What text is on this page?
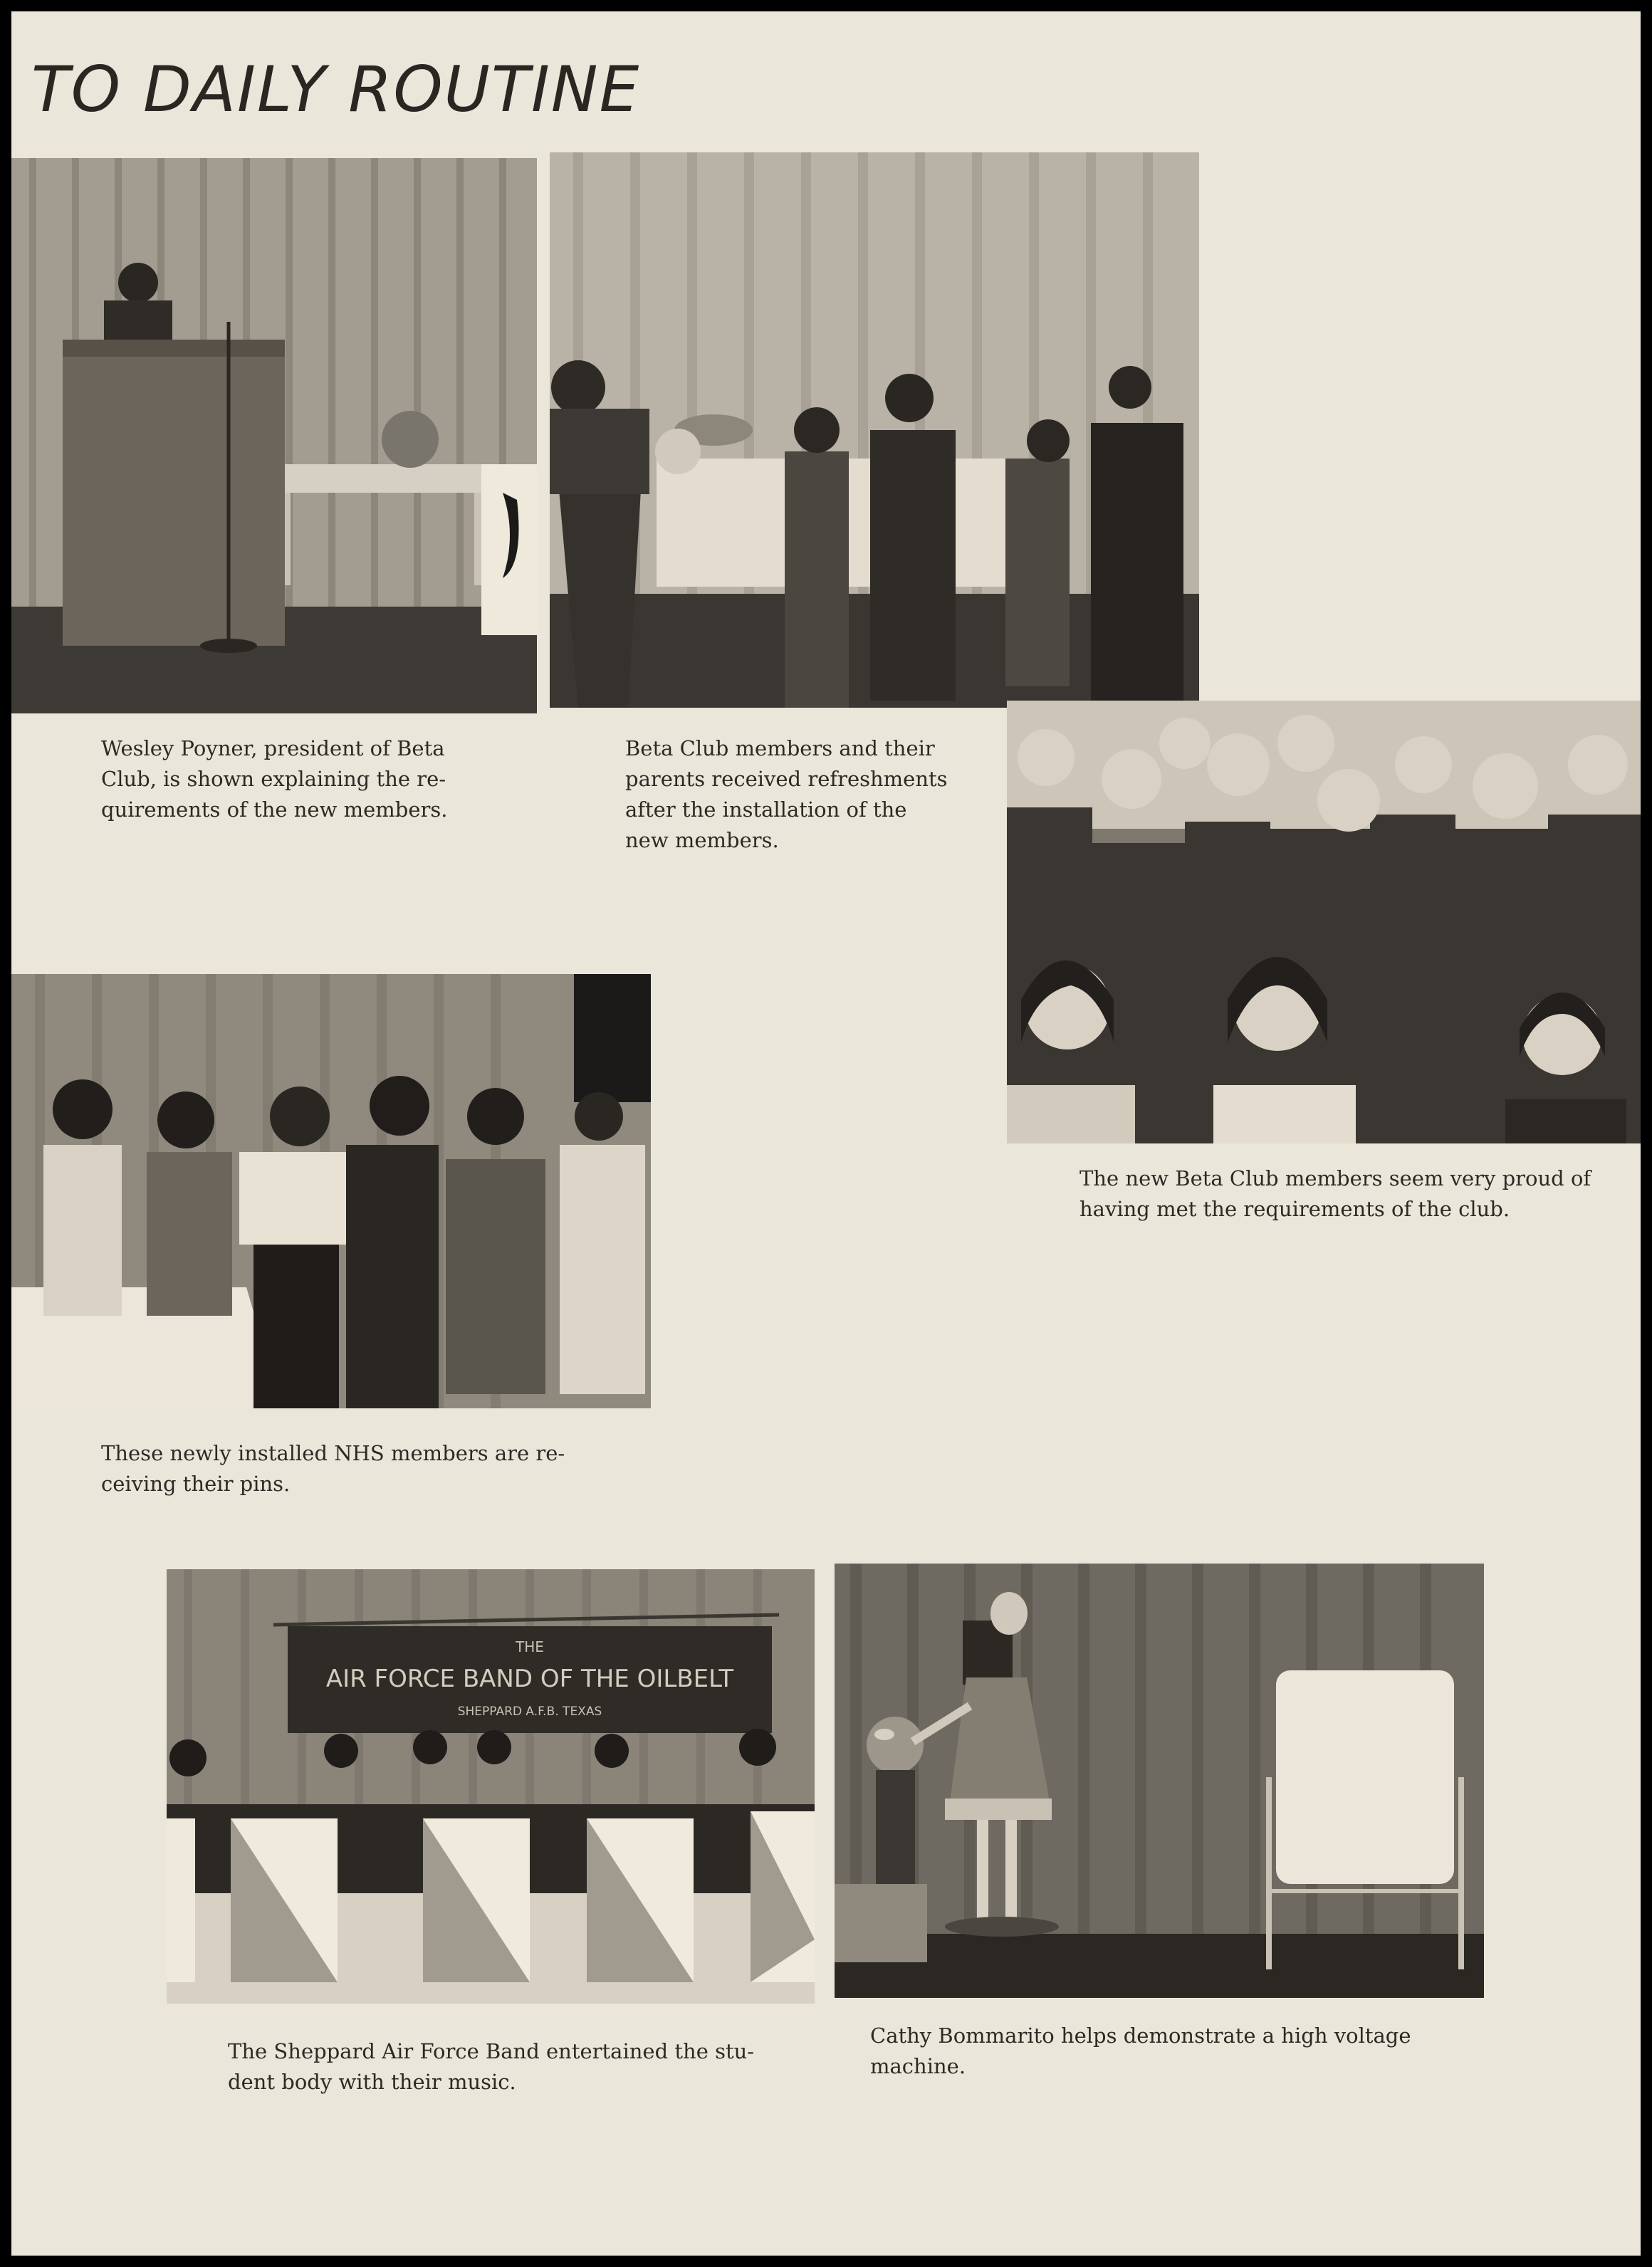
TO DAILY ROUTINE
THE
AIR FORCE BAND OF THE OILBELT
SHEPPARD A.F.B. TEXAS
Wesley Poyner, president of Beta
Club, is shown explaining the re-
quirements of the new members.
Beta Club members and their
parents received refreshments
after the installation of the
new members.
The new Beta Club members seem very proud of
having met the requirements of the club.
These newly installed NHS members are re-
ceiving their pins.
The Sheppard Air Force Band entertained the stu-
dent body with their music.
Cathy Bommarito helps demonstrate a high voltage
machine.
